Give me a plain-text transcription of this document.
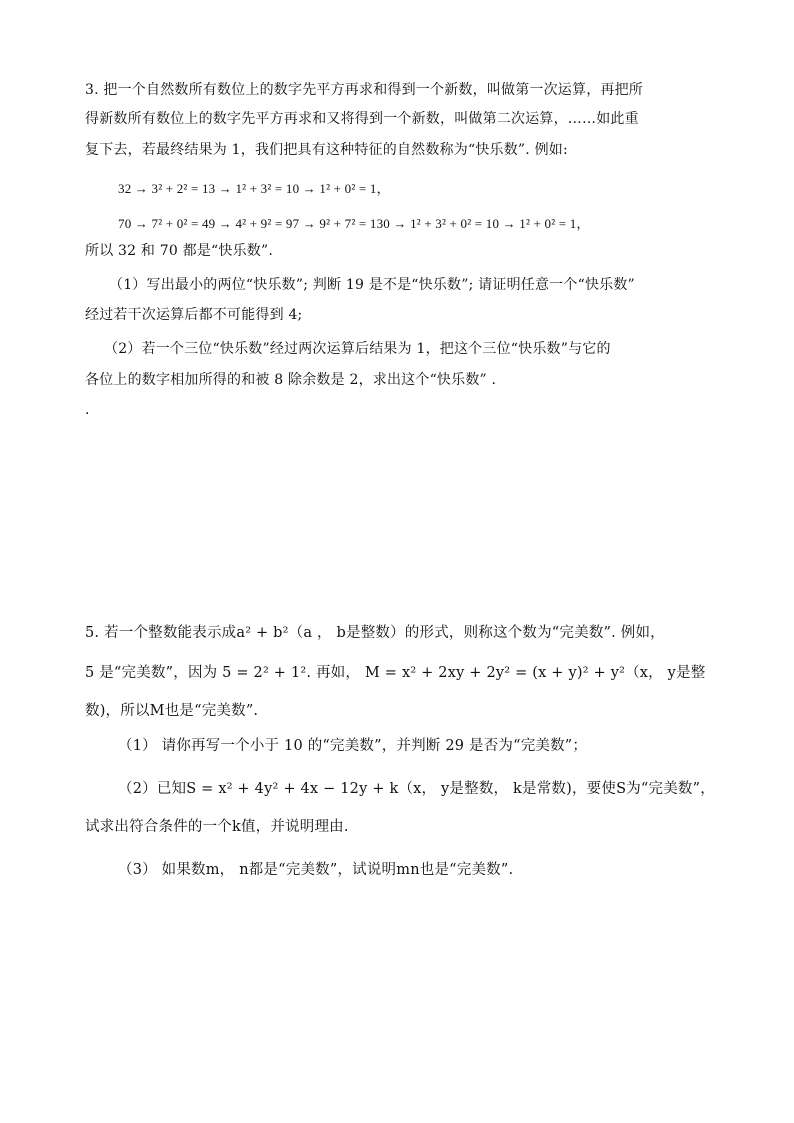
3. 把一个自然数所有数位上的数字先平方再求和得到一个新数，叫做第一次运算，再把所
得新数所有数位上的数字先平方再求和又将得到一个新数，叫做第二次运算，……如此重
复下去，若最终结果为 1，我们把具有这种特征的自然数称为“快乐数”. 例如:
32 → 3² + 2² = 13 → 1² + 3² = 10 → 1² + 0² = 1，
70 → 7² + 0² = 49 → 4² + 9² = 97 → 9² + 7² = 130 → 1² + 3² + 0² = 10 → 1² + 0² = 1，
所以 32 和 70 都是“快乐数”.
（1）写出最小的两位“快乐数”; 判断 19 是不是“快乐数”; 请证明任意一个“快乐数”
经过若干次运算后都不可能得到 4;
（2）若一个三位“快乐数”经过两次运算后结果为 1，把这个三位“快乐数”与它的
各位上的数字相加所得的和被 8 除余数是 2，求出这个“快乐数” .
.
5. 若一个整数能表示成a² + b²（a ， b是整数）的形式，则称这个数为“完美数”. 例如，
5 是“完美数”，因为 5 = 2² + 1². 再如， M = x² + 2xy + 2y² = (x + y)² + y²（x， y是整
数)，所以M也是“完美数”.
（1） 请你再写一个小于 10 的“完美数”，并判断 29 是否为“完美数”；
（2）已知S = x² + 4y² + 4x − 12y + k（x， y是整数， k是常数)，要使S为“完美数”，
试求出符合条件的一个k值，并说明理由.
（3） 如果数m， n都是“完美数”，试说明mn也是“完美数”.
